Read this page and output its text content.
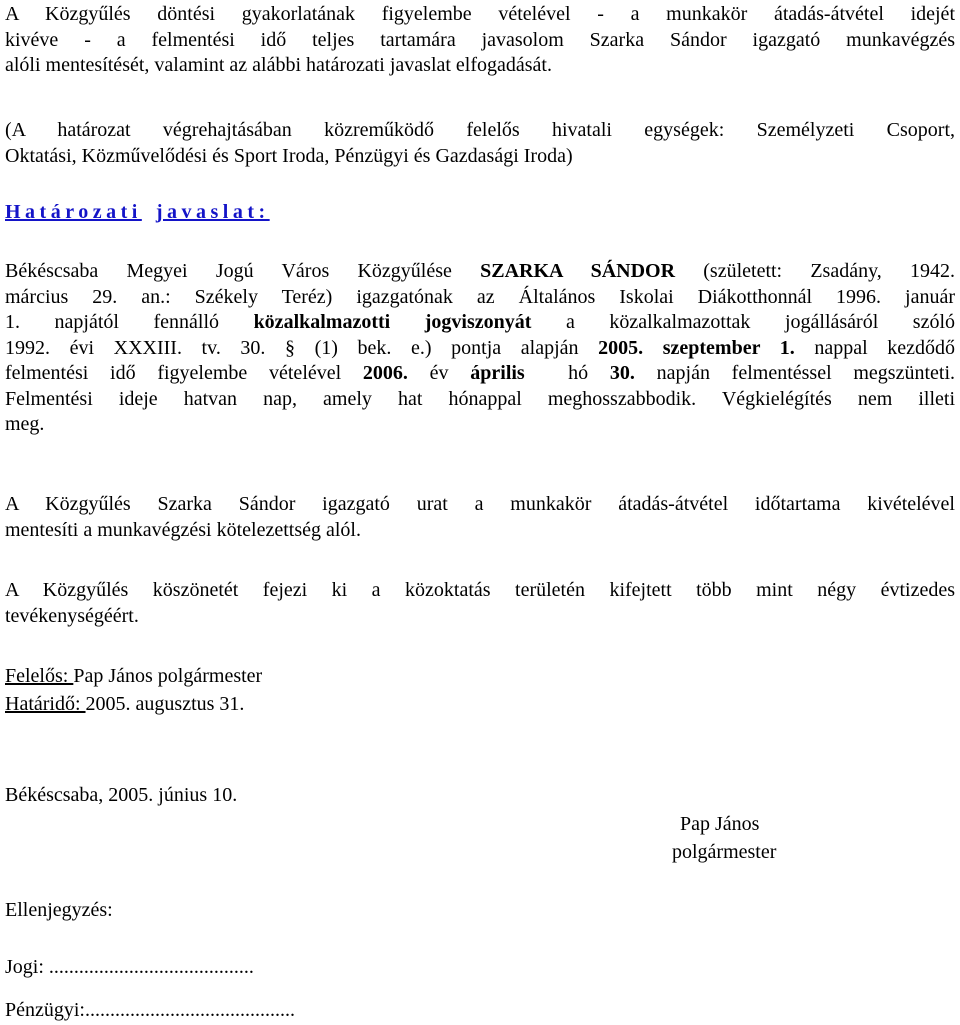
A Közgyűlés döntési gyakorlatának figyelembe vételével - a munkakör átadás-átvétel idejét
kivéve - a felmentési idő teljes tartamára javasolom Szarka Sándor igazgató munkavégzés
alóli mentesítését, valamint az alábbi határozati javaslat elfogadását.
(A határozat végrehajtásában közreműködő felelős hivatali egységek: Személyzeti Csoport,
Oktatási, Közművelődési és Sport Iroda, Pénzügyi és Gazdasági Iroda)

Határozati javaslat:

Békéscsaba Megyei Jogú Város Közgyűlése SZARKA SÁNDOR (született: Zsadány, 1942.
március 29. an.: Székely Teréz) igazgatónak az Általános Iskolai Diákotthonnál 1996. január
1. napjától fennálló közalkalmazotti jogviszonyát a közalkalmazottak jogállásáról szóló
1992. évi XXXIII. tv. 30. § (1) bek. e.) pontja alapján 2005. szeptember 1. nappal kezdődő
felmentési idő figyelembe vételével 2006. év április  hó 30. napján felmentéssel megszünteti.
Felmentési ideje hatvan nap, amely hat hónappal meghosszabbodik. Végkielégítés nem illeti
meg.
A Közgyűlés Szarka Sándor igazgató urat a munkakör átadás-átvétel időtartama kivételével
mentesíti a munkavégzési kötelezettség alól.
A Közgyűlés köszönetét fejezi ki a közoktatás területén kifejtett több mint négy évtizedes
tevékenységéért.

Felelős: Pap János polgármester

Határidő: 2005. augusztus 31.

Békéscsaba, 2005. június 10.

Pap János

polgármester

Ellenjegyzés:

Jogi: .........................................

Pénzügyi:..........................................
